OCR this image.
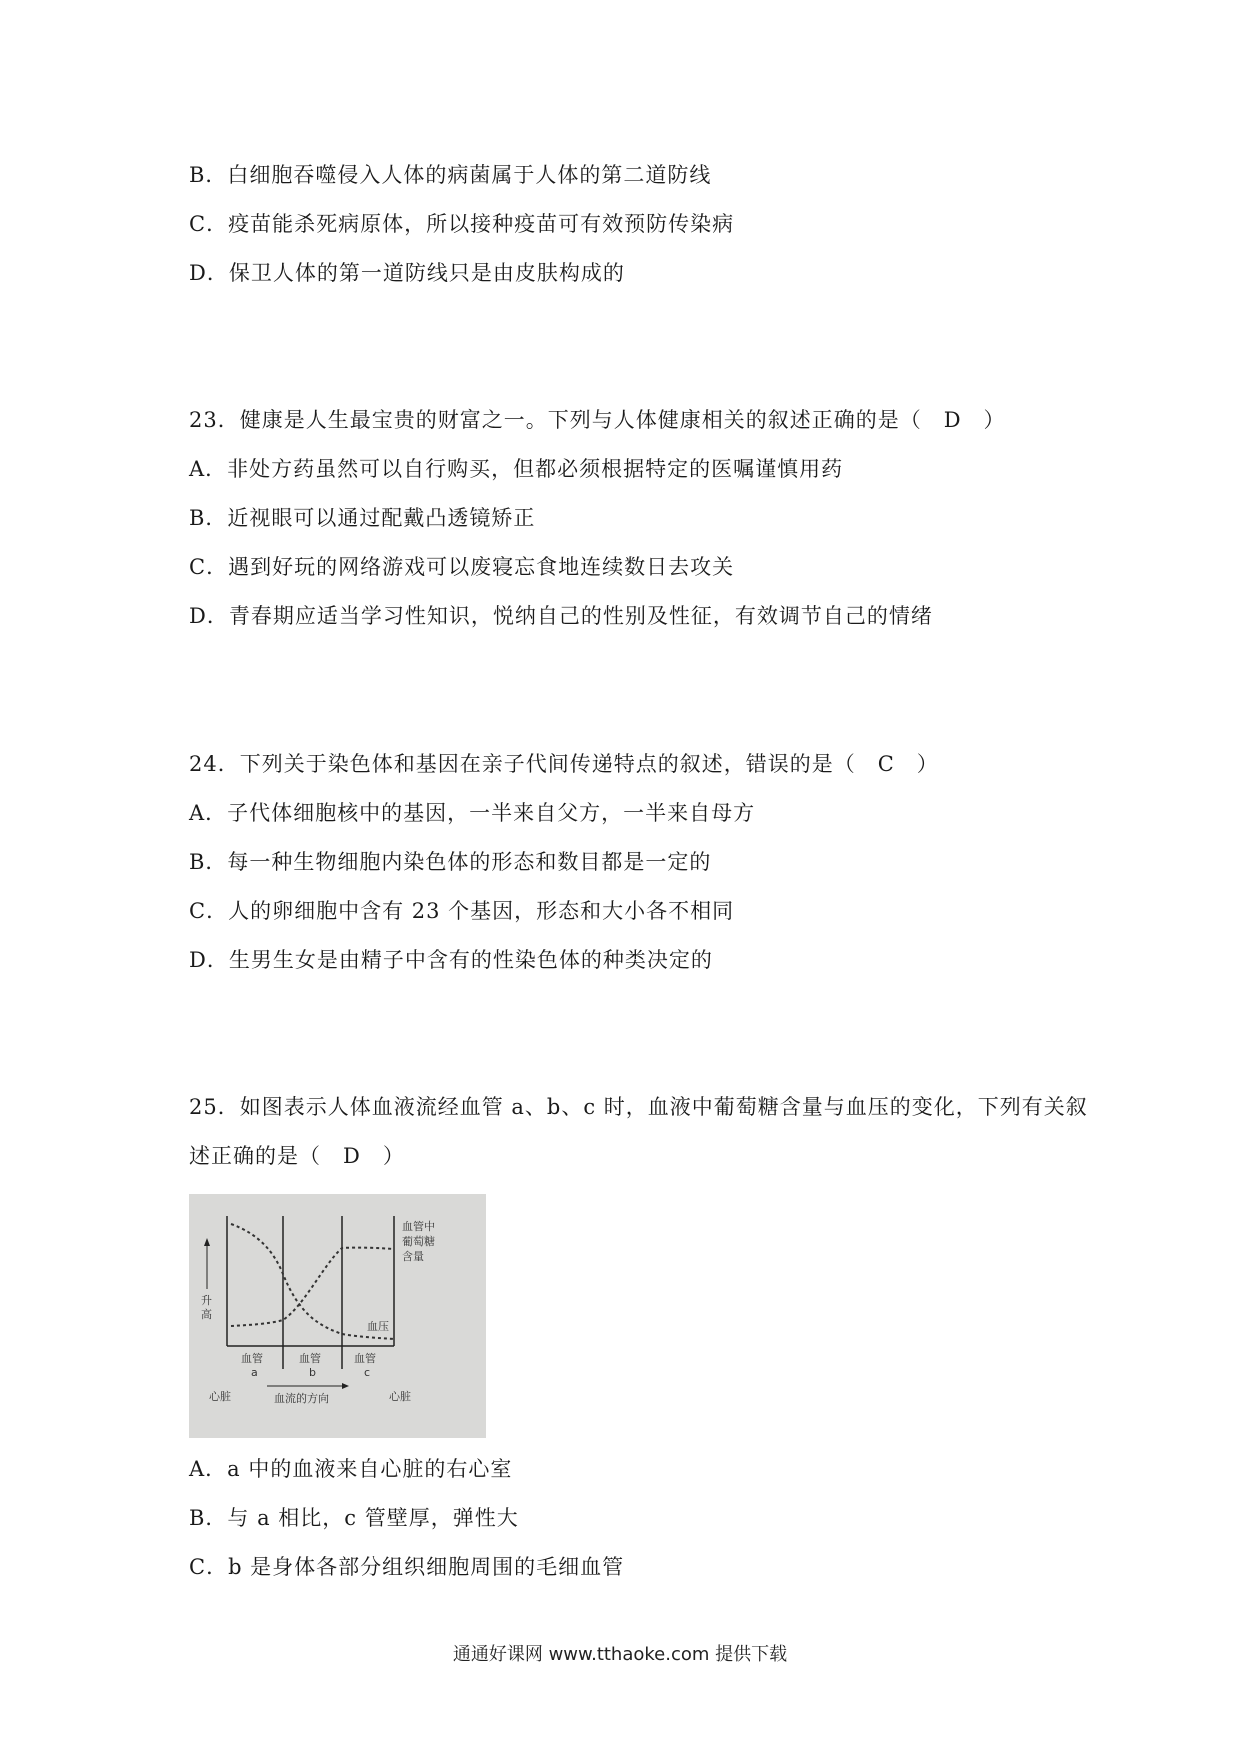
B．白细胞吞噬侵入人体的病菌属于人体的第二道防线
C．疫苗能杀死病原体，所以接种疫苗可有效预防传染病
D．保卫人体的第一道防线只是由皮肤构成的
23．健康是人生最宝贵的财富之一。下列与人体健康相关的叙述正确的是（　D　）
A．非处方药虽然可以自行购买，但都必须根据特定的医嘱谨慎用药
B．近视眼可以通过配戴凸透镜矫正
C．遇到好玩的网络游戏可以废寝忘食地连续数日去攻关
D．青春期应适当学习性知识，悦纳自己的性别及性征，有效调节自己的情绪
24．下列关于染色体和基因在亲子代间传递特点的叙述，错误的是（　C　）
A．子代体细胞核中的基因，一半来自父方，一半来自母方
B．每一种生物细胞内染色体的形态和数目都是一定的
C．人的卵细胞中含有 23 个基因，形态和大小各不相同
D．生男生女是由精子中含有的性染色体的种类决定的
25．如图表示人体血液流经血管 a、b、c 时，血液中葡萄糖含量与血压的变化，下列有关叙
述正确的是（　D　）
升
高
血管中
葡萄糖
含量
血压
血管
a
血管
b
血管
c
心脏	血流的方向	心脏
A．a 中的血液来自心脏的右心室
B．与 a 相比，c 管壁厚，弹性大
C．b 是身体各部分组织细胞周围的毛细血管
通通好课网 www.tthaoke.com 提供下载
